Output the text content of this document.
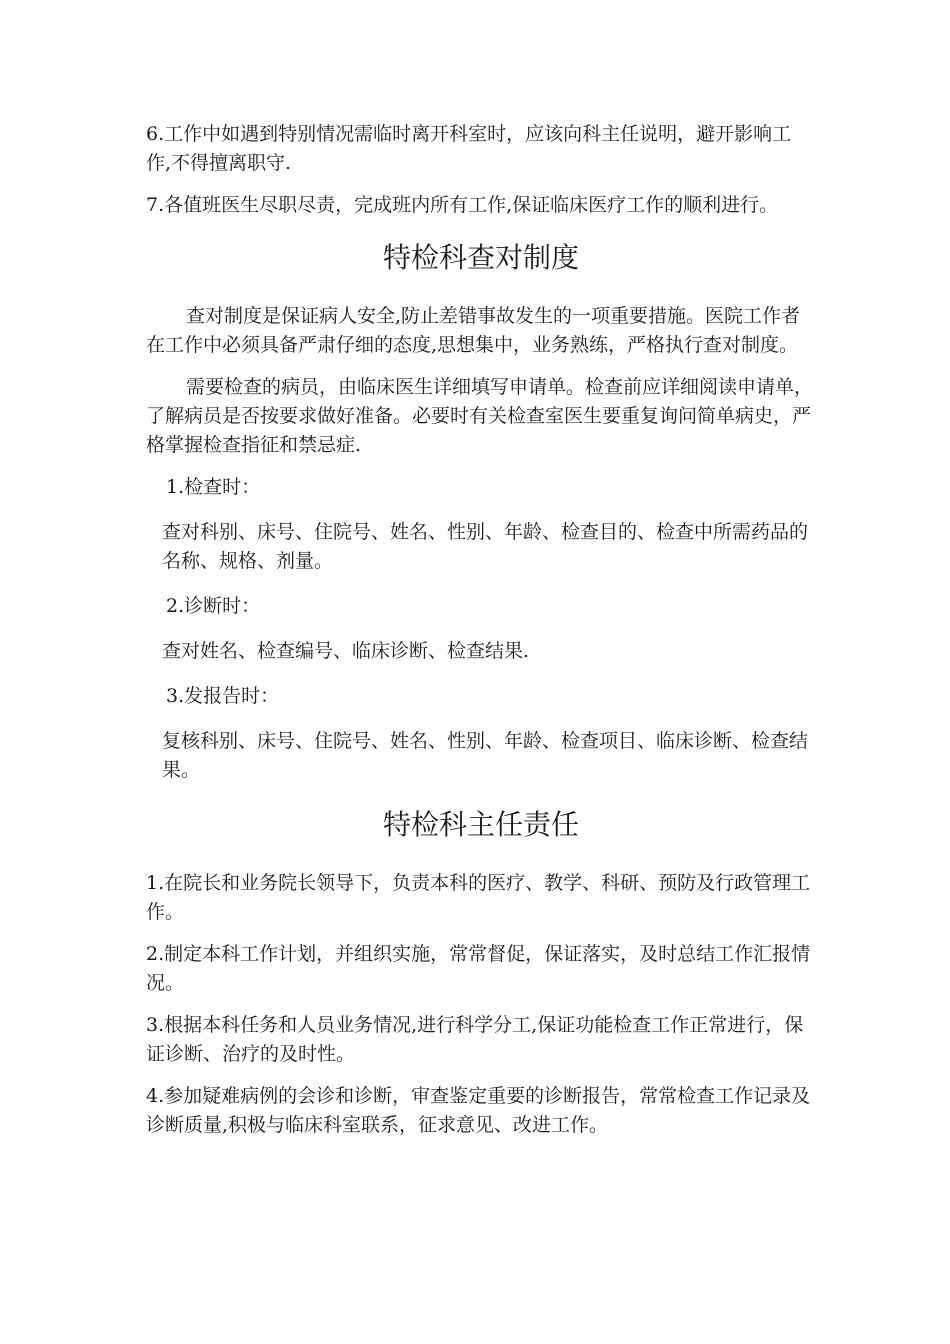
6.工作中如遇到特别情况需临时离开科室时，应该向科主任说明，避开影响工作,不得擅离职守.

7.各值班医生尽职尽责，完成班内所有工作,保证临床医疗工作的顺利进行。

特检科查对制度

查对制度是保证病人安全,防止差错事故发生的一项重要措施。医院工作者在工作中必须具备严肃仔细的态度,思想集中，业务熟练，严格执行查对制度。

需要检查的病员，由临床医生详细填写申请单。检查前应详细阅读申请单，了解病员是否按要求做好准备。必要时有关检查室医生要重复询问简单病史，严格掌握检查指征和禁忌症.

1.检查时：

查对科别、床号、住院号、姓名、性别、年龄、检查目的、检查中所需药品的名称、规格、剂量。

2.诊断时：

查对姓名、检查编号、临床诊断、检查结果.

3.发报告时：

复核科别、床号、住院号、姓名、性别、年龄、检查项目、临床诊断、检查结果。

特检科主任责任

1.在院长和业务院长领导下，负责本科的医疗、教学、科研、预防及行政管理工作。

2.制定本科工作计划，并组织实施，常常督促，保证落实，及时总结工作汇报情况。

3.根据本科任务和人员业务情况,进行科学分工,保证功能检查工作正常进行，保证诊断、治疗的及时性。

4.参加疑难病例的会诊和诊断，审查鉴定重要的诊断报告，常常检查工作记录及诊断质量,积极与临床科室联系，征求意见、改进工作。
